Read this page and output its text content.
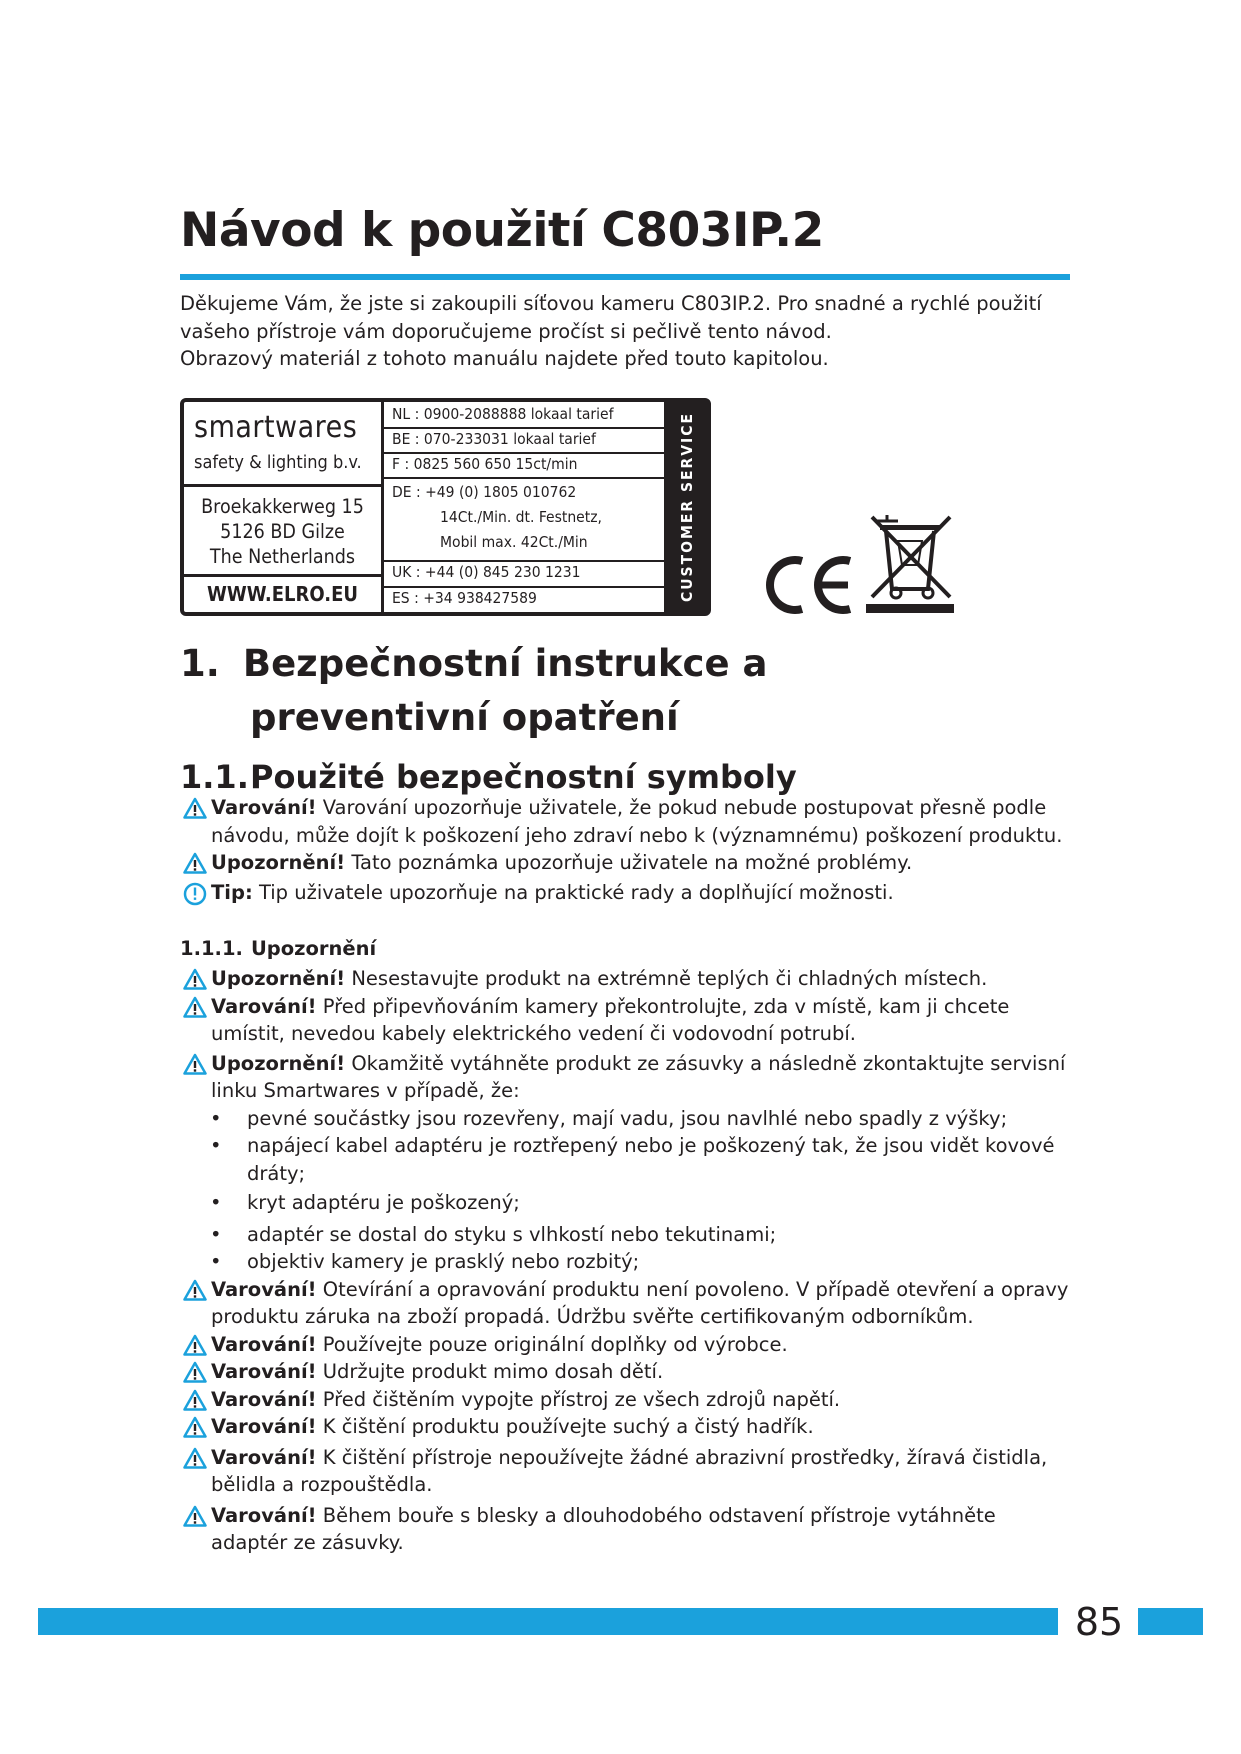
Návod k použití C803IP.2

Děkujeme Vám, že jste si zakoupili síťovou kameru C803IP.2. Pro snadné a rychlé použití

vašeho přístroje vám doporučujeme pročíst si pečlivě tento návod.

Obrazový materiál z tohoto manuálu najdete před touto kapitolou.

smartwares
safety & lighting b.v.
Broekakkerweg 15
5126 BD Gilze
The Netherlands
WWW.ELRO.EU
NL : 0900-2088888 lokaal tarief
BE : 070-233031 lokaal tarief
F : 0825 560 650 15ct/min
DE : +49 (0) 1805 010762
14Ct./Min. dt. Festnetz,
Mobil max. 42Ct./Min
UK : +44 (0) 845 230 1231
ES : +34 938427589	CUSTOMER SERVICE
1. Bezpečnostní instrukce a
preventivní opatření
1.1.Použité bezpečnostní symboly

Varování! Varování upozorňuje uživatele, že pokud nebude postupovat přesně podle návodu, může dojít k poškození jeho zdraví nebo k (významnému) poškození produktu.

Upozornění! Tato poznámka upozorňuje uživatele na možné problémy.

Tip: Tip uživatele upozorňuje na praktické rady a doplňující možnosti.

1.1.1. Upozornění

Upozornění! Nesestavujte produkt na extrémně teplých či chladných místech.

Varování! Před připevňováním kamery překontrolujte, zda v místě, kam ji chcete umístit, nevedou kabely elektrického vedení či vodovodní potrubí.

Upozornění! Okamžitě vytáhněte produkt ze zásuvky a následně zkontaktujte servisní linku Smartwares v případě, že:

• pevné součástky jsou rozevřeny, mají vadu, jsou navlhlé nebo spadly z výšky;
• napájecí kabel adaptéru je roztřepený nebo je poškozený tak, že jsou vidět kovové dráty;
• kryt adaptéru je poškozený;
• adaptér se dostal do styku s vlhkostí nebo tekutinami;
• objektiv kamery je prasklý nebo rozbitý;

Varování! Otevírání a opravování produktu není povoleno. V případě otevření a opravy produktu záruka na zboží propadá. Údržbu svěřte certifikovaným odborníkům.

Varování! Používejte pouze originální doplňky od výrobce.

Varování! Udržujte produkt mimo dosah dětí.

Varování! Před čištěním vypojte přístroj ze všech zdrojů napětí.

Varování! K čištění produktu používejte suchý a čistý hadřík.

Varování! K čištění přístroje nepoužívejte žádné abrazivní prostředky, žíravá čistidla, bělidla a rozpouštědla.

Varování! Během bouře s blesky a dlouhodobého odstavení přístroje vytáhněte adaptér ze zásuvky.

85
